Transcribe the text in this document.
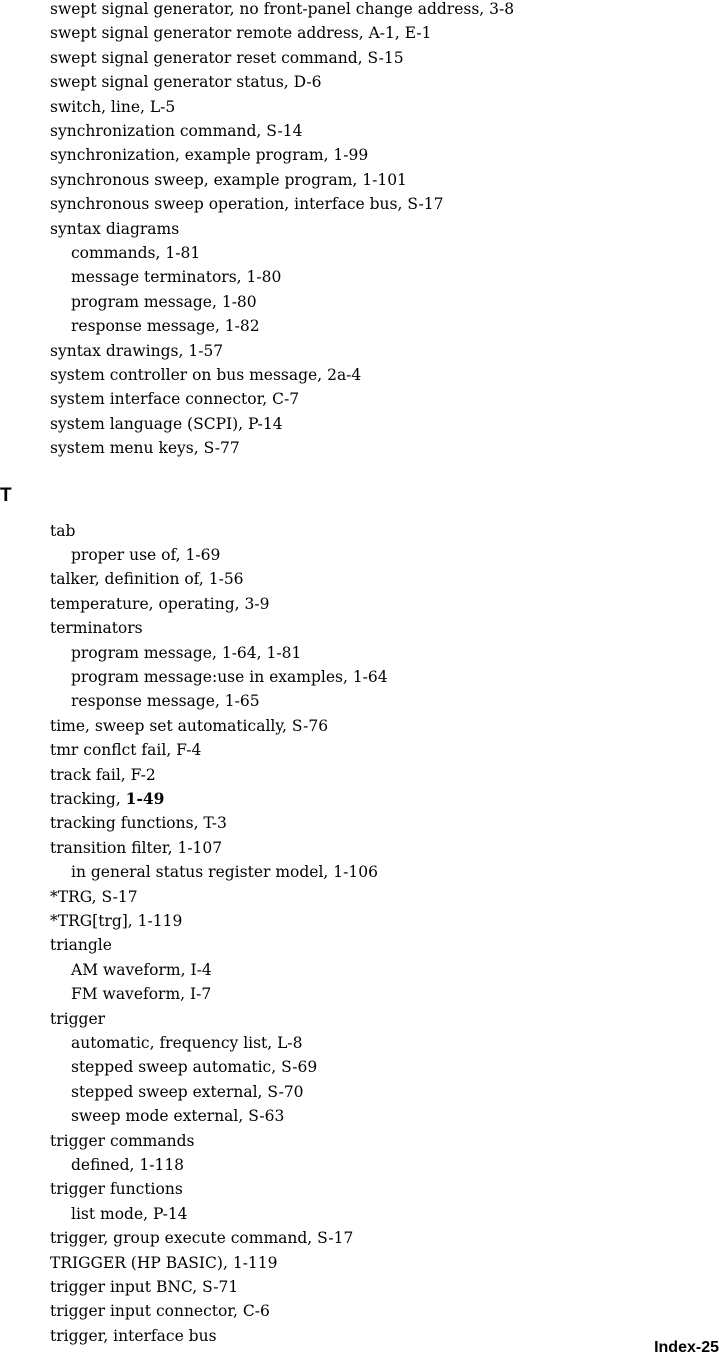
T
swept signal generator, no front-panel change address, 3-8
swept signal generator remote address, A-1, E-1
swept signal generator reset command, S-15
swept signal generator status, D-6
switch, line, L-5
synchronization command, S-14
synchronization, example program, 1-99
synchronous sweep, example program, 1-101
synchronous sweep operation, interface bus, S-17
syntax diagrams
commands, 1-81
message terminators, 1-80
program message, 1-80
response message, 1-82
syntax drawings, 1-57
system controller on bus message, 2a-4
system interface connector, C-7
system language (SCPI), P-14
system menu keys, S-77
tab
proper use of, 1-69
talker, definition of, 1-56
temperature, operating, 3-9
terminators
program message, 1-64, 1-81
program message:use in examples, 1-64
response message, 1-65
time, sweep set automatically, S-76
tmr conflct fail, F-4
track fail, F-2
tracking, 1-49
tracking functions, T-3
transition filter, 1-107
in general status register model, 1-106
*TRG, S-17
*TRG[trg], 1-119
triangle
AM waveform, I-4
FM waveform, I-7
trigger
automatic, frequency list, L-8
stepped sweep automatic, S-69
stepped sweep external, S-70
sweep mode external, S-63
trigger commands
defined, 1-118
trigger functions
list mode, P-14
trigger, group execute command, S-17
TRIGGER (HP BASIC), 1-119
trigger input BNC, S-71
trigger input connector, C-6
trigger, interface bus
Index-25
